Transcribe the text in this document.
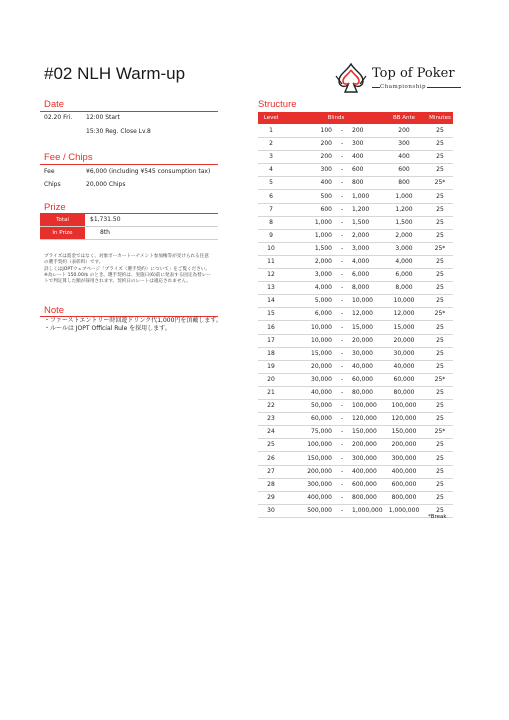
#02 NLH Warm-up	Top of Poker
Championship
Date
02.20 Fri. 12:00 Start
15:30 Reg. Close Lv.8
Fee / Chips
Fee	¥6,000 (including ¥545 consumption tax)
Chips	20,000 Chips
Prize
Total	$1,731.50
In Prize	8th
プライズは賞金ではなく、対象ポーカートーナメント参加権等が受けられる任意
の選手契約（表彰料）です。
詳しくはJOPTウェブページ「プライズ（選手契約）について」をご覧ください。
※為レート 150.00/$ のとき。選手契約は、実施日(6)前に発表する固定為替レー
トで判定算した額が採用されます。契約日のレートは適応されません。
Note
・ファーストエントリー時回遊ドリンク代1,000円を頂戴します。
・ルールは JOPT Official Rule を採用します。
Structure
Level	Blinds	BB Ante	Minutes
1	100 - 200	200	25
2	200 - 300	300	25
3	200 - 400	400	25
4	300 - 600	600	25
5	400 - 800	800	25*
6	500 - 1,000	1,000	25
7	600 - 1,200	1,200	25
8	1,000 - 1,500	1,500	25
9	1,000 - 2,000	2,000	25
10	1,500 - 3,000	3,000	25*
11	2,000 - 4,000	4,000	25
12	3,000 - 6,000	6,000	25
13	4,000 - 8,000	8,000	25
14	5,000 - 10,000	10,000	25
15	6,000 - 12,000	12,000	25*
16	10,000 - 15,000	15,000	25
17	10,000 - 20,000	20,000	25
18	15,000 - 30,000	30,000	25
19	20,000 - 40,000	40,000	25
20	30,000 - 60,000	60,000	25*
21	40,000 - 80,000	80,000	25
22	50,000 - 100,000	100,000	25
23	60,000 - 120,000	120,000	25
24	75,000 - 150,000	150,000	25*
25	100,000 - 200,000	200,000	25
26	150,000 - 300,000	300,000	25
27	200,000 - 400,000	400,000	25
28	300,000 - 600,000	600,000	25
29	400,000 - 800,000	800,000	25
30	500,000 - 1,000,000	1,000,000	25
*Break
